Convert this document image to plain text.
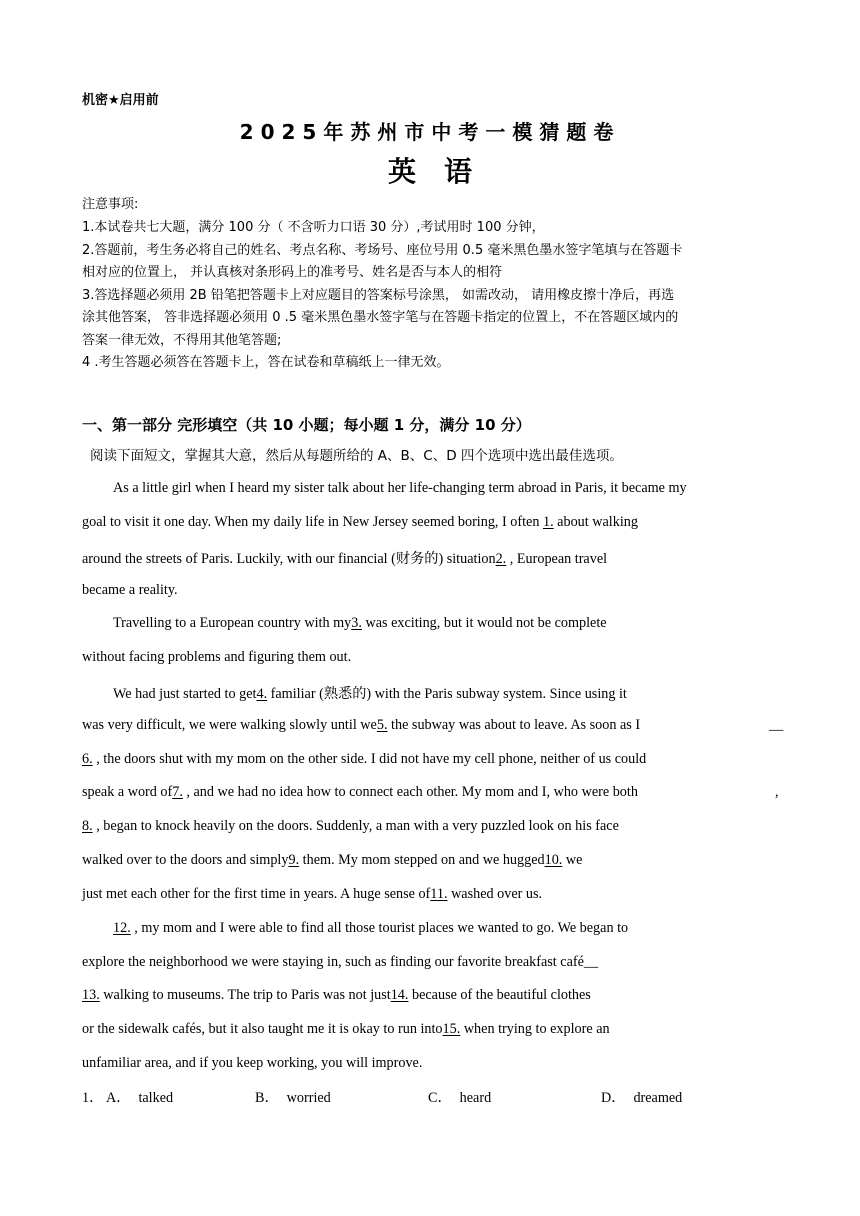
机密★启用前
2025年苏州市中考一模猜题卷
英语
注意事项:
1.本试卷共七大题，满分 100 分（ 不含听力口语 30 分）,考试用时 100 分钟，
2.答题前，考生务必将自己的姓名、考点名称、考场号、座位号用 0.5 毫米黑色墨水签字笔填与在答题卡
相对应的位置上， 并认真核对条形码上的准考号、姓名是否与本人的相符
3.答选择题必须用 2B 铅笔把答题卡上对应题目的答案标号涂黑， 如需改动， 请用橡皮擦十净后，再选
涂其他答案， 答非选择题必须用 0 .5 毫米黑色墨水签字笔与在答题卡指定的位置上，不在答题区域内的
答案一律无效，不得用其他笔答题;
4 .考生答题必须答在答题卡上，答在试卷和草稿纸上一律无效。
一、第一部分 完形填空（共 10 小题；每小题 1 分，满分 10 分）
阅读下面短文，掌握其大意，然后从每题所给的 A、B、C、D 四个选项中选出最佳选项。
As a little girl when I heard my sister talk about her life-changing term abroad in Paris, it became my
goal to visit it one day. When my daily life in New Jersey seemed boring, I often 1. about walking
around the streets of Paris. Luckily, with our financial (财务的) situation2. , European travel
became a reality.
Travelling to a European country with my3. was exciting, but it would not be complete
without facing problems and figuring them out.
We had just started to get4. familiar (熟悉的) with the Paris subway system. Since using it
was very difficult, we were walking slowly until we5. the subway was about to leave. As soon as I	__
6. , the doors shut with my mom on the other side. I did not have my cell phone, neither of us could
speak a word of7. , and we had no idea how to connect each other. My mom and I, who were both	,
8. , began to knock heavily on the doors. Suddenly, a man with a very puzzled look on his face
walked over to the doors and simply9. them. My mom stepped on and we hugged10. we
just met each other for the first time in years. A huge sense of11. washed over us.
12. , my mom and I were able to find all those tourist places we wanted to go. We began to
explore the neighborhood we were staying in, such as finding our favorite breakfast café__
13. walking to museums. The trip to Paris was not just14. because of the beautiful clothes
or the sidewalk cafés, but it also taught me it is okay to run into15. when trying to explore an
unfamiliar area, and if you keep working, you will improve.
1． A． talked	B． worried	C． heard	D． dreamed
